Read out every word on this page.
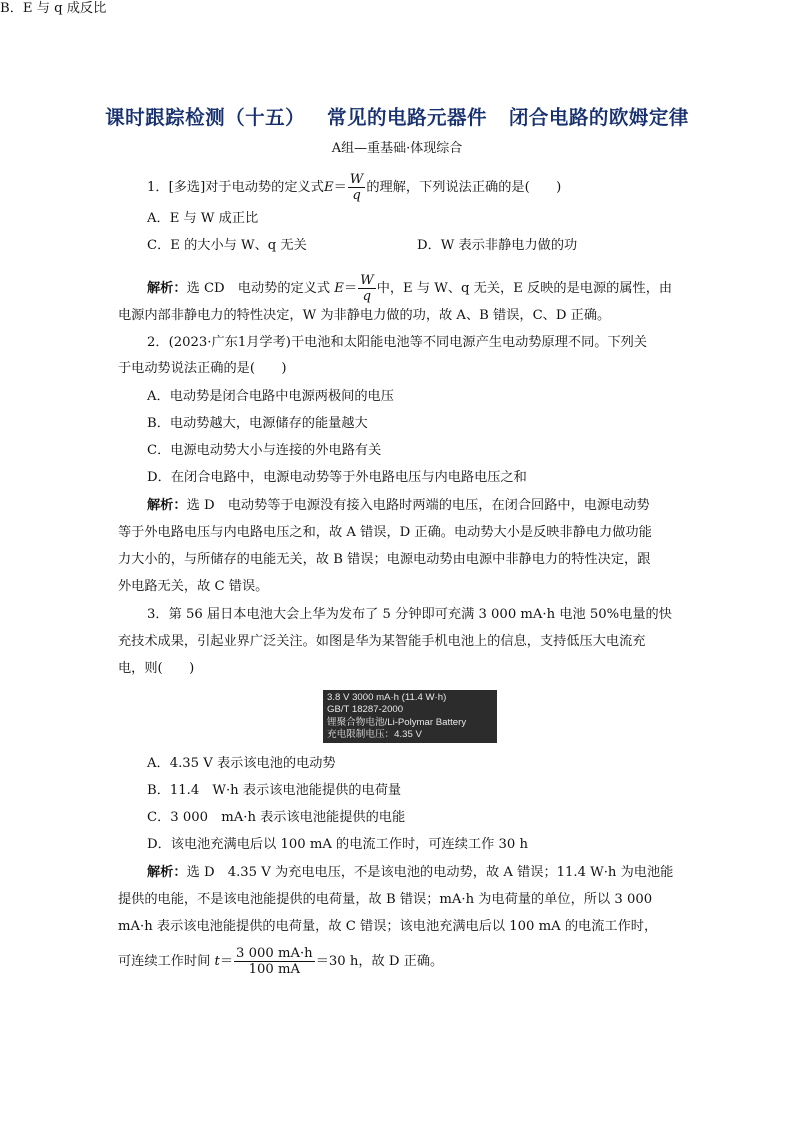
课时跟踪检测（十五）   常见的电路元器件   闭合电路的欧姆定律
A组—重基础·体现综合
1．[多选]对于电动势的定义式$E= \frac{W}{q}$ 的理解，下列说法正确的是(　　)
A．E 与 W 成正比
B．E 与 q 成反比
C．E 的大小与 W、q 无关	D．W 表示非静电力做的功
解析：选 CD　电动势的定义式 $E= \frac{W}{q}$ 中，E 与 W、q 无关，E 反映的是电源的属性，由
电源内部非静电力的特性决定，W 为非静电力做的功，故 A、B 错误，C、D 正确。
2．(2023·广东1月学考)干电池和太阳能电池等不同电源产生电动势原理不同。下列关
于电动势说法正确的是(　　)
A．电动势是闭合电路中电源两极间的电压
B．电动势越大，电源储存的能量越大
C．电源电动势大小与连接的外电路有关
D．在闭合电路中，电源电动势等于外电路电压与内电路电压之和
解析：选 D　电动势等于电源没有接入电路时两端的电压，在闭合回路中，电源电动势
等于外电路电压与内电路电压之和，故 A 错误，D 正确。电动势大小是反映非静电力做功能
力大小的，与所储存的电能无关，故 B 错误；电源电动势由电源中非静电力的特性决定，跟
外电路无关，故 C 错误。
3．第 56 届日本电池大会上华为发布了 5 分钟即可充满 3 000 mA·h 电池 50%电量的快
充技术成果，引起业界广泛关注。如图是华为某智能手机电池上的信息，支持低压大电流充
电，则(　　)
3.8 V 3000 mA·h (11.4 W·h)
GB/T 18287-2000
锂聚合物电池/Li-Polymar Battery
充电限制电压：4.35 V
A．4.35 V 表示该电池的电动势
B．11.4　W·h 表示该电池能提供的电荷量
C．3 000　mA·h 表示该电池能提供的电能
D．该电池充满电后以 100 mA 的电流工作时，可连续工作 30 h
解析：选 D　4.35 V 为充电电压，不是该电池的电动势，故 A 错误；11.4 W·h 为电池能
提供的电能，不是该电池能提供的电荷量，故 B 错误；mA·h 为电荷量的单位，所以 3 000
mA·h 表示该电池能提供的电荷量，故 C 错误；该电池充满电后以 100 mA 的电流工作时，
可连续工作时间 $t= \frac{3 000 mA\cdot h}{100 mA} =30$ h，故 D 正确。
